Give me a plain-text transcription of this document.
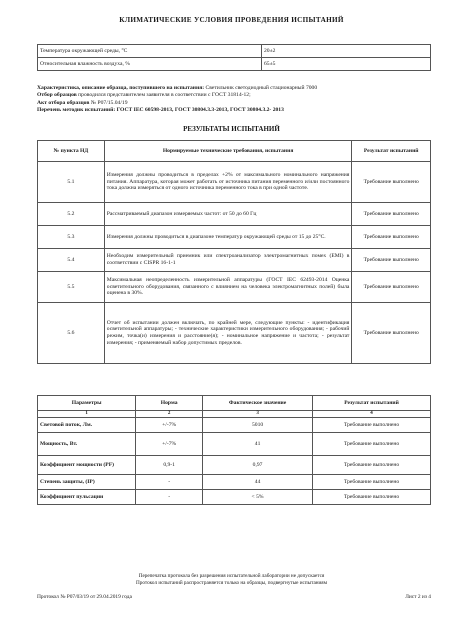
КЛИМАТИЧЕСКИЕ УСЛОВИЯ ПРОВЕДЕНИЯ ИСПЫТАНИЙ
Температура окружающей среды, °С	20±2
Относительная влажность воздуха, %	65±5
Характеристика, описание образца, поступившего на испытания: Светильник светодиодный стационарный 7000
Отбор образцов проводился представителем заявителя в соответствии с ГОСТ 31814-12;
Акт отбора образцов № Р07/15.04/19
Перечень методик испытаний: ГОСТ IEC 60598-2013, ГОСТ 30804.3.3-2013, ГОСТ 30804.3.2- 2013
РЕЗУЛЬТАТЫ ИСПЫТАНИЙ
№ пункта НД	Нормируемые технические требования, испытания	Результат испытаний
5.1	Измерения должны проводиться в пределах +2% от максимального номинального напряжения питания. Аппаратура, которая может работать от источника питания переменного и/или постоянного тока должна измеряться от одного источника переменного тока в при одной частоте.	Требование выполнено
5.2	Рассматриваемый диапазон измеряемых частот: от 50 до 60 Гц	Требование выполнено
5.3	Измерения должны проводиться в диапазоне температур окружающей среды от 15 до 25°С.	Требование выполнено
5.4	Необходим измерительный приемник или спектроанализатор электромагнитных помех (EMI) в соответствии с CISPR 16-1-1	Требование выполнено
5.5	Максимальная неопределенность измерительной аппаратуры (ГОСТ IEC 62493-2014 Оценка осветительного оборудования, связанного с влиянием на человека электромагнитных полей) была оценена в 30%.	Требование выполнено
5.6	Отчет об испытании должен включать, по крайней мере, следующие пункты: - идентификация осветительной аппаратуры; - технические характеристики измерительного оборудования; - рабочий режим, точка(и) измерения и расстояние(я); - номинальное напряжение и частота; - результат измерения; - применяемый набор допустимых пределов.	Требование выполнено
Параметры	Норма	Фактическое значение	Результат испытаний
1	2	3	4
Световой поток, Лм.	+/-7%	5010	Требование выполнено
Мощность, Вт.	+/-7%	41	Требование выполнено
Коэффициент мощности (PF)	0,9-1	0,97	Требование выполнено
Степень защиты, (IP)	-	44	Требование выполнено
Коэффициент пульсации	-	< 5%	Требование выполнено
Перепечатка протокола без разрешения испытательной лаборатории не допускается
Протокол испытаний распространяется только на образцы, подвергнутые испытаниям
Протокол № Р07/03/19 от 29.04.2019 года	Лист 2 из 4
